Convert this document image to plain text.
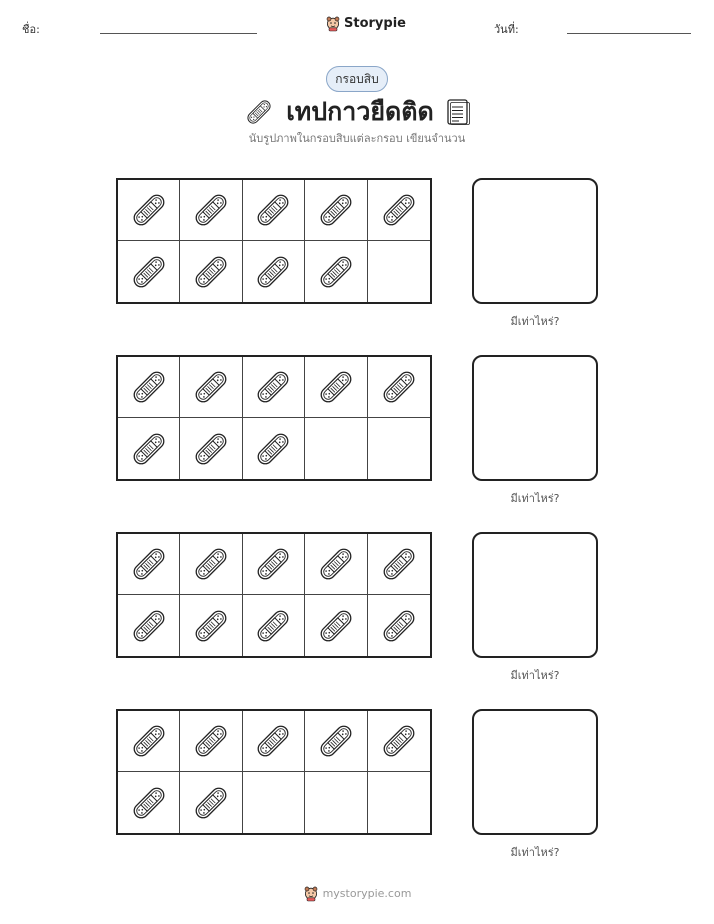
ชื่อ:	Storypie	วันที่:
กรอบสิบ
เทปกาวยืดติด
นับรูปภาพในกรอบสิบแต่ละกรอบ เขียนจำนวน
มีเท่าไหร่?
มีเท่าไหร่?
มีเท่าไหร่?
มีเท่าไหร่?
mystorypie.com
